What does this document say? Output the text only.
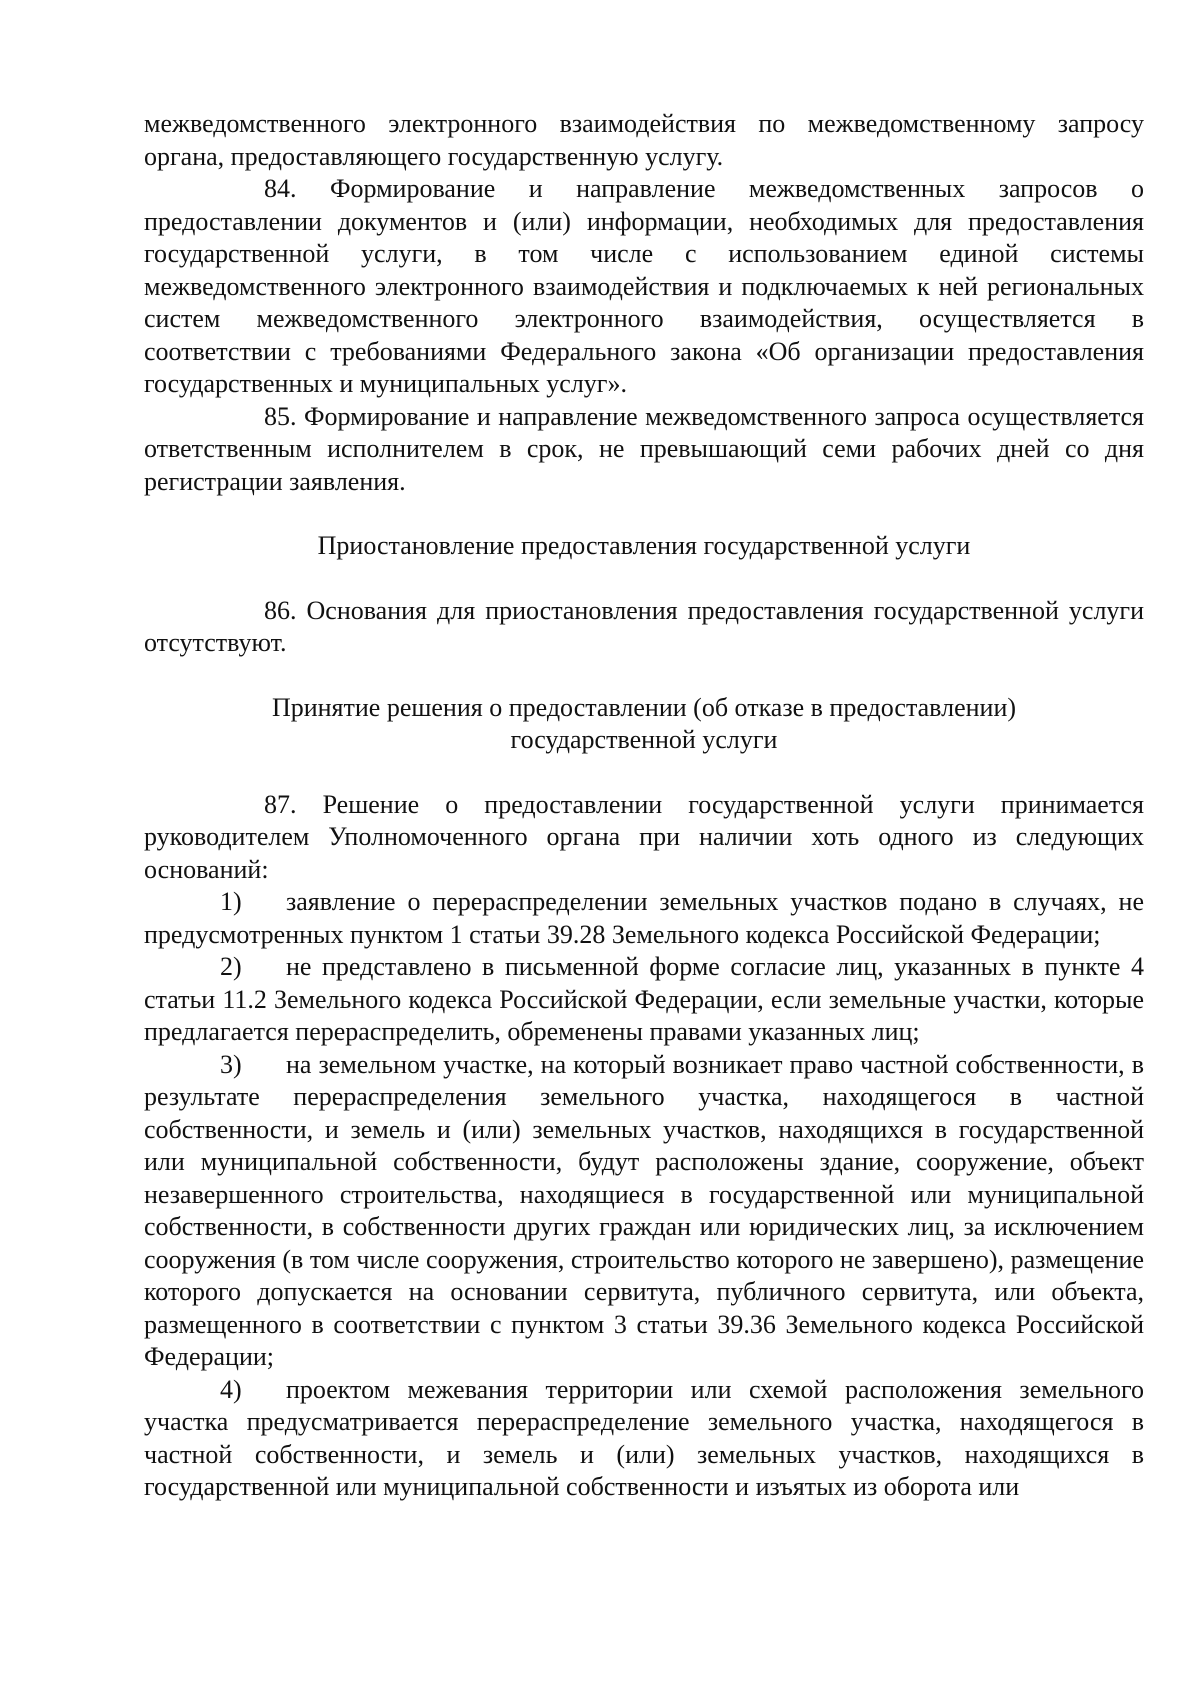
межведомственного электронного взаимодействия по межведомственному запросу органа, предоставляющего государственную услугу.

84. Формирование и направление межведомственных запросов о предоставлении документов и (или) информации, необходимых для предоставления государственной услуги, в том числе с использованием единой системы межведомственного электронного взаимодействия и подключаемых к ней региональных систем межведомственного электронного взаимодействия, осуществляется в соответствии с требованиями Федерального закона «Об организации предоставления государственных и муниципальных услуг».

85. Формирование и направление межведомственного запроса осуществляется ответственным исполнителем в срок, не превышающий семи рабочих дней со дня регистрации заявления.

Приостановление предоставления государственной услуги

86. Основания для приостановления предоставления государственной услуги отсутствуют.

Принятие решения о предоставлении (об отказе в предоставлении)
государственной услуги

87. Решение о предоставлении государственной услуги принимается руководителем Уполномоченного органа при наличии хоть одного из следующих оснований:

1) заявление о перераспределении земельных участков подано в случаях, не предусмотренных пунктом 1 статьи 39.28 Земельного кодекса Российской Федерации;

2) не представлено в письменной форме согласие лиц, указанных в пункте 4 статьи 11.2 Земельного кодекса Российской Федерации, если земельные участки, которые предлагается перераспределить, обременены правами указанных лиц;

3) на земельном участке, на который возникает право частной собственности, в результате перераспределения земельного участка, находящегося в частной собственности, и земель и (или) земельных участков, находящихся в государственной или муниципальной собственности, будут расположены здание, сооружение, объект незавершенного строительства, находящиеся в государственной или муниципальной собственности, в собственности других граждан или юридических лиц, за исключением сооружения (в том числе сооружения, строительство которого не завершено), размещение которого допускается на основании сервитута, публичного сервитута, или объекта, размещенного в соответствии с пунктом 3 статьи 39.36 Земельного кодекса Российской Федерации;

4) проектом межевания территории или схемой расположения земельного участка предусматривается перераспределение земельного участка, находящегося в частной собственности, и земель и (или) земельных участков, находящихся в государственной или муниципальной собственности и изъятых из оборота или
